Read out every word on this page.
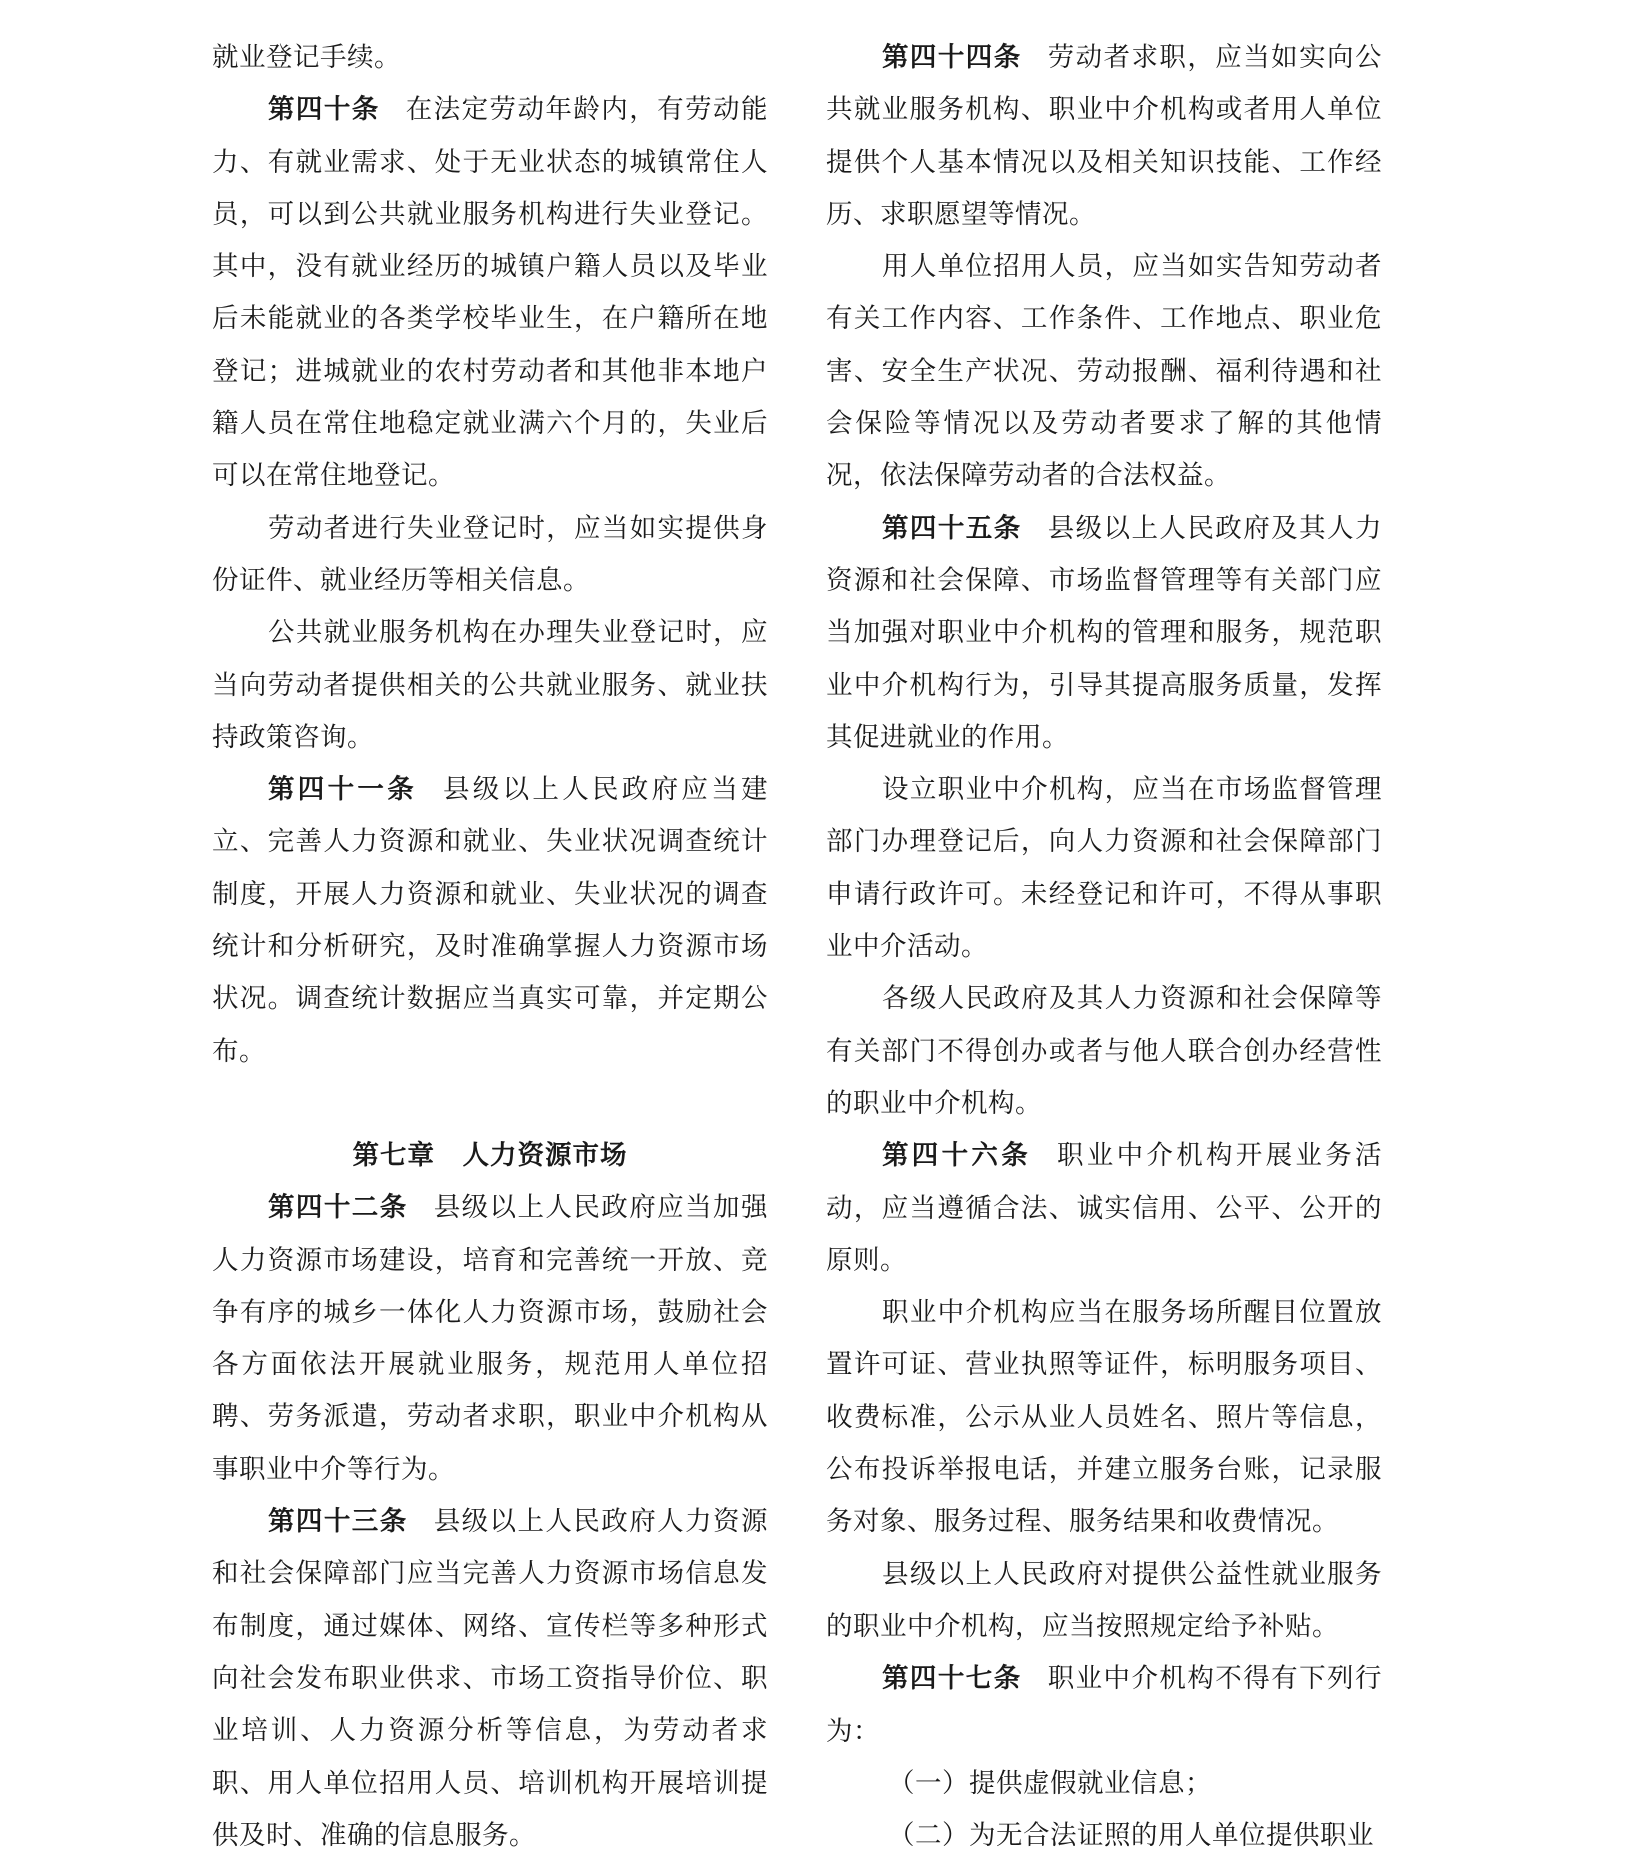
就业登记手续。

第四十条 在法定劳动年龄内，有劳动能力、有就业需求、处于无业状态的城镇常住人员，可以到公共就业服务机构进行失业登记。其中，没有就业经历的城镇户籍人员以及毕业后未能就业的各类学校毕业生，在户籍所在地登记；进城就业的农村劳动者和其他非本地户籍人员在常住地稳定就业满六个月的，失业后可以在常住地登记。

劳动者进行失业登记时，应当如实提供身份证件、就业经历等相关信息。

公共就业服务机构在办理失业登记时，应当向劳动者提供相关的公共就业服务、就业扶持政策咨询。

第四十一条 县级以上人民政府应当建立、完善人力资源和就业、失业状况调查统计制度，开展人力资源和就业、失业状况的调查统计和分析研究，及时准确掌握人力资源市场状况。调查统计数据应当真实可靠，并定期公布。

第七章　人力资源市场

第四十二条 县级以上人民政府应当加强人力资源市场建设，培育和完善统一开放、竞争有序的城乡一体化人力资源市场，鼓励社会各方面依法开展就业服务，规范用人单位招聘、劳务派遣，劳动者求职，职业中介机构从事职业中介等行为。

第四十三条 县级以上人民政府人力资源和社会保障部门应当完善人力资源市场信息发布制度，通过媒体、网络、宣传栏等多种形式向社会发布职业供求、市场工资指导价位、职业培训、人力资源分析等信息，为劳动者求职、用人单位招用人员、培训机构开展培训提供及时、准确的信息服务。

第四十四条 劳动者求职，应当如实向公共就业服务机构、职业中介机构或者用人单位提供个人基本情况以及相关知识技能、工作经历、求职愿望等情况。

用人单位招用人员，应当如实告知劳动者有关工作内容、工作条件、工作地点、职业危害、安全生产状况、劳动报酬、福利待遇和社会保险等情况以及劳动者要求了解的其他情况，依法保障劳动者的合法权益。

第四十五条 县级以上人民政府及其人力资源和社会保障、市场监督管理等有关部门应当加强对职业中介机构的管理和服务，规范职业中介机构行为，引导其提高服务质量，发挥其促进就业的作用。

设立职业中介机构，应当在市场监督管理部门办理登记后，向人力资源和社会保障部门申请行政许可。未经登记和许可，不得从事职业中介活动。

各级人民政府及其人力资源和社会保障等有关部门不得创办或者与他人联合创办经营性的职业中介机构。

第四十六条 职业中介机构开展业务活动，应当遵循合法、诚实信用、公平、公开的原则。

职业中介机构应当在服务场所醒目位置放置许可证、营业执照等证件，标明服务项目、收费标准，公示从业人员姓名、照片等信息，公布投诉举报电话，并建立服务台账，记录服务对象、服务过程、服务结果和收费情况。

县级以上人民政府对提供公益性就业服务的职业中介机构，应当按照规定给予补贴。

第四十七条 职业中介机构不得有下列行为：

（一）提供虚假就业信息；

（二）为无合法证照的用人单位提供职业
